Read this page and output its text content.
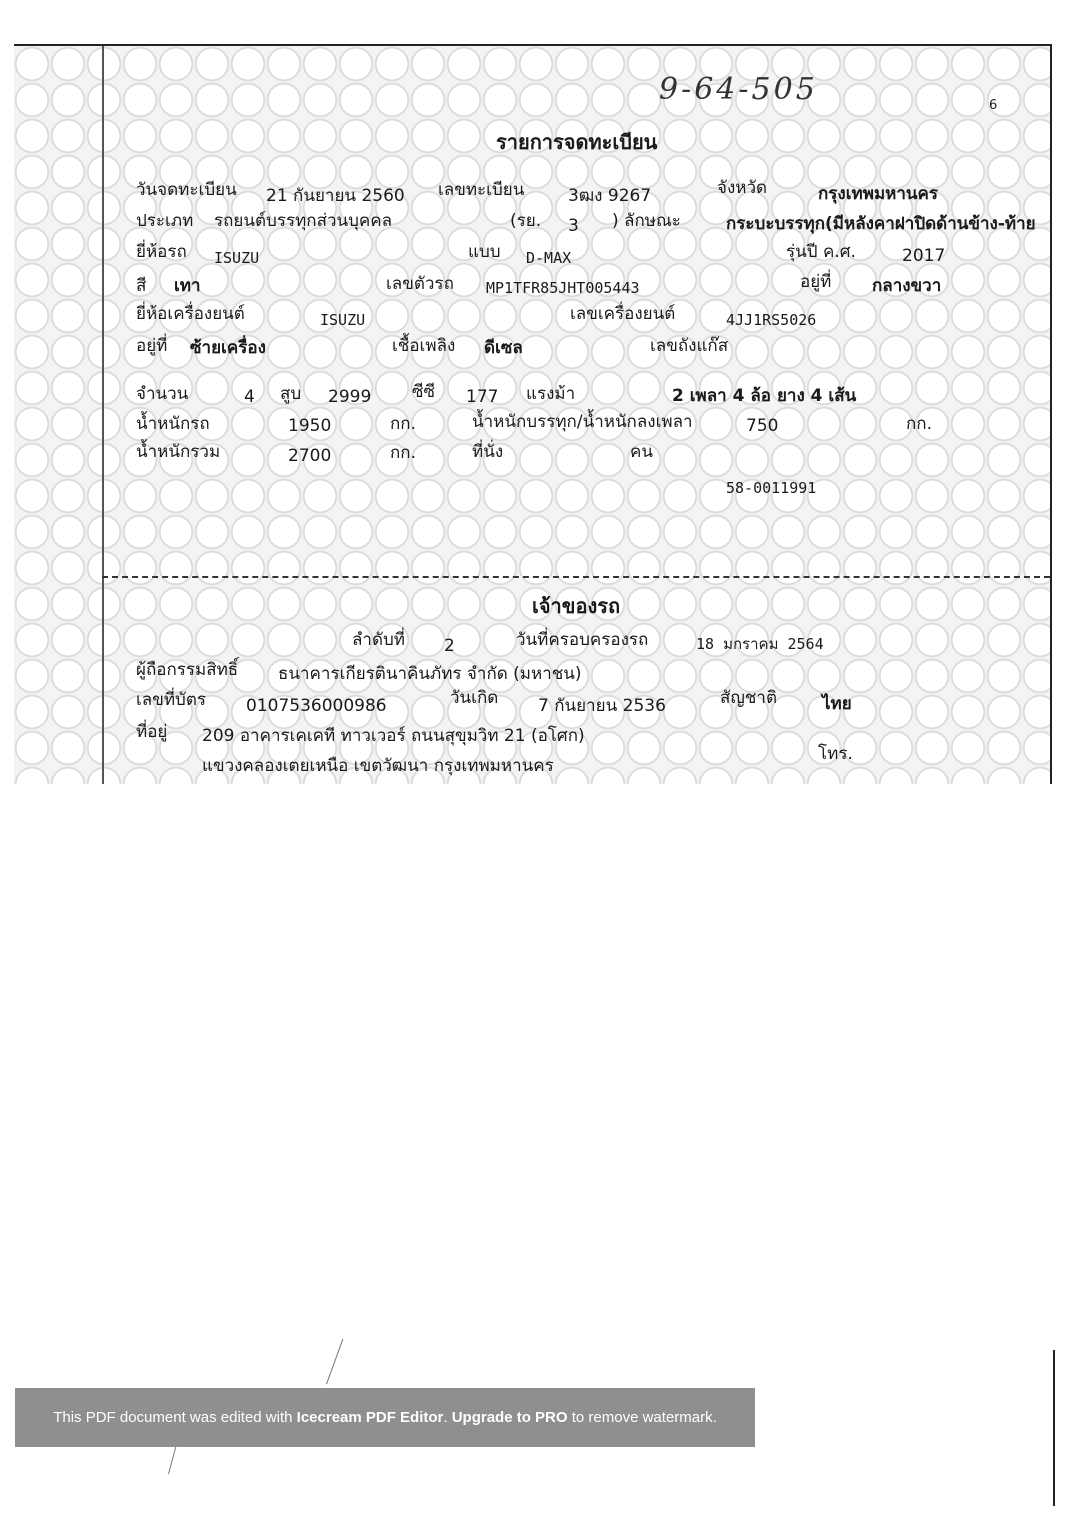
9-64-505	6
รายการจดทะเบียน
วันจดทะเบียน 21 กันยายน 2560 เลขทะเบียน	3ฒง 9267	จังหวัด	กรุงเทพมหานคร
ประเภท รถยนต์บรรทุกส่วนบุคคล	(รย. 3 ) ลักษณะ	กระบะบรรทุก(มีหลังคาฝาปิดด้านข้าง-ท้าย
ยี่ห้อรถ ISUZU	แบบ D-MAX	รุ่นปี ค.ศ.	2017
สี เทา	เลขตัวรถ MP1TFR85JHT005443	อยู่ที่ กลางขวา
ยี่ห้อเครื่องยนต์	ISUZU	เลขเครื่องยนต์	4JJ1RS5026
อยู่ที่ ซ้ายเครื่อง	เชื้อเพลิง ดีเซล	เลขถังแก๊ส
จำนวน	4 สูบ 2999 ซีซี 177 แรงม้า	2 เพลา 4 ล้อ ยาง 4 เส้น
น้ำหนักรถ	1950	กก.	น้ำหนักบรรทุก/น้ำหนักลงเพลา	750	กก.
น้ำหนักรวม	2700	กก.	ที่นั่ง	คน
58-0011991
เจ้าของรถ
ลำดับที่ 2	วันที่ครอบครองรถ	18 มกราคม 2564
ผู้ถือกรรมสิทธิ์ ธนาคารเกียรตินาคินภัทร จำกัด (มหาชน)
เลขที่บัตร 0107536000986	วันเกิด 7 กันยายน 2536	สัญชาติ	ไทย
ที่อยู่ 209 อาคารเคเคที ทาวเวอร์ ถนนสุขุมวิท 21 (อโศก)
แขวงคลองเตยเหนือ เขตวัฒนา กรุงเทพมหานคร
โทร.
This PDF document was edited with
Icecream PDF Editor .
Upgrade to PRO
to remove watermark.
